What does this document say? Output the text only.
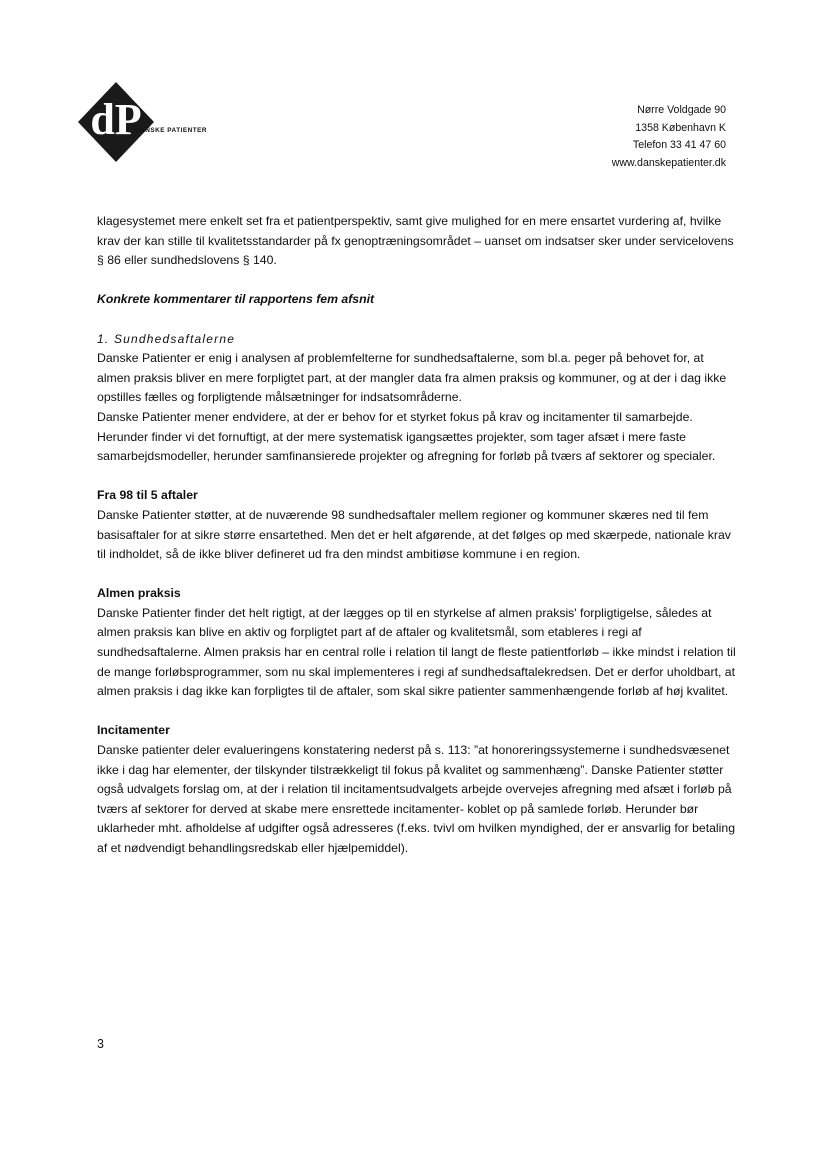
dP
DANSKE PATIENTER
Nørre Voldgade 90
1358 København K
Telefon 33 41 47 60
www.danskepatienter.dk

klagesystemet mere enkelt set fra et patientperspektiv, samt give mulighed for en mere ensartet vurdering af, hvilke krav der kan stille til kvalitetsstandarder på fx genoptræningsområdet – uanset om indsatser sker under servicelovens § 86 eller sundhedslovens § 140.

Konkrete kommentarer til rapportens fem afsnit

1. Sundhedsaftalerne

Danske Patienter er enig i analysen af problemfelterne for sundhedsaftalerne, som bl.a. peger på behovet for, at almen praksis bliver en mere forpligtet part, at der mangler data fra almen praksis og kommuner, og at der i dag ikke opstilles fælles og forpligtende målsætninger for indsatsområderne.

Danske Patienter mener endvidere, at der er behov for et styrket fokus på krav og incitamenter til samarbejde. Herunder finder vi det fornuftigt, at der mere systematisk igangsættes projekter, som tager afsæt i mere faste samarbejdsmodeller, herunder samfinansierede projekter og afregning for forløb på tværs af sektorer og specialer.

Fra 98 til 5 aftaler

Danske Patienter støtter, at de nuværende 98 sundhedsaftaler mellem regioner og kommuner skæres ned til fem basisaftaler for at sikre større ensartethed. Men det er helt afgørende, at det følges op med skærpede, nationale krav til indholdet, så de ikke bliver defineret ud fra den mindst ambitiøse kommune i en region.

Almen praksis

Danske Patienter finder det helt rigtigt, at der lægges op til en styrkelse af almen praksis' forpligtigelse, således at almen praksis kan blive en aktiv og forpligtet part af de aftaler og kvalitetsmål, som etableres i regi af sundhedsaftalerne. Almen praksis har en central rolle i relation til langt de fleste patientforløb – ikke mindst i relation til de mange forløbsprogrammer, som nu skal implementeres i regi af sundhedsaftalekredsen. Det er derfor uholdbart, at almen praksis i dag ikke kan forpligtes til de aftaler, som skal sikre patienter sammenhængende forløb af høj kvalitet.

Incitamenter

Danske patienter deler evalueringens konstatering nederst på s. 113: ”at honoreringssystemerne i sundhedsvæsenet ikke i dag har elementer, der tilskynder tilstrækkeligt til fokus på kvalitet og sammenhæng”. Danske Patienter støtter også udvalgets forslag om, at der i relation til incitamentsudvalgets arbejde overvejes afregning med afsæt i forløb på tværs af sektorer for derved at skabe mere ensrettede incitamenter- koblet op på samlede forløb. Herunder bør uklarheder mht. afholdelse af udgifter også adresseres (f.eks. tvivl om hvilken myndighed, der er ansvarlig for betaling af et nødvendigt behandlingsredskab eller hjælpemiddel).

3
